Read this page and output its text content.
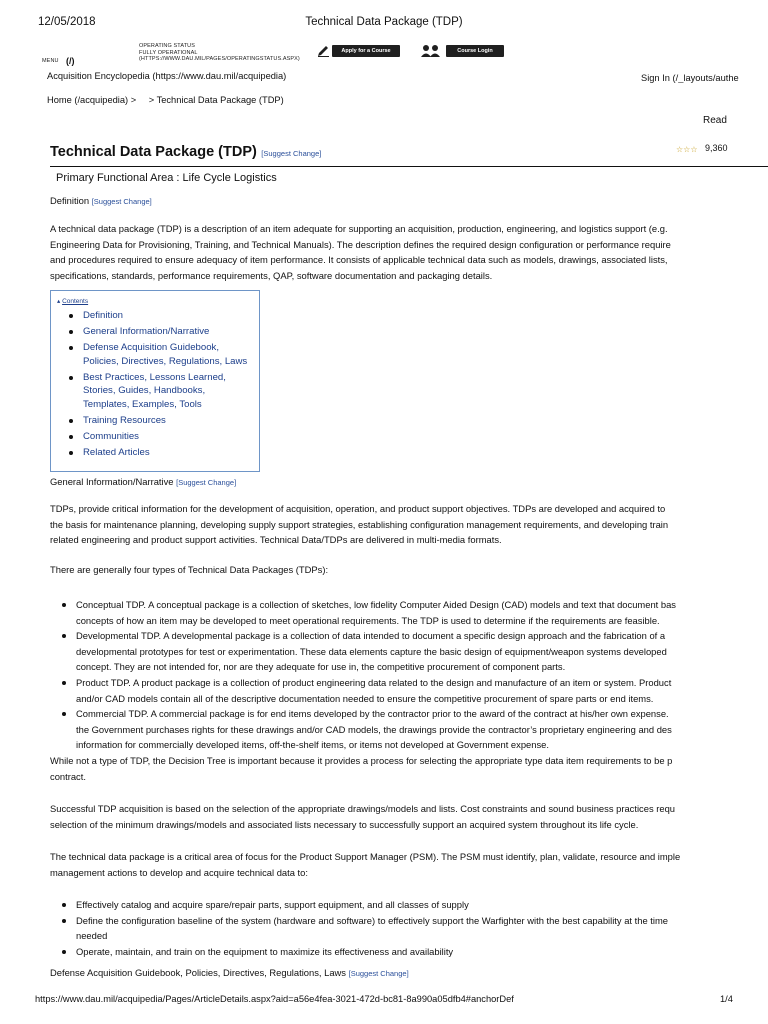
12/05/2018	Technical Data Package (TDP)
MENU (/)
OPERATING STATUS
FULLY OPERATIONAL
(HTTPS://WWW.DAU.MIL/PAGES/OPERATINGSTATUS.ASPX)
Apply for a Course	Course Login
Acquisition Encyclopedia (https://www.dau.mil/acquipedia)	Sign In (/_layouts/authe
Home (/acquipedia) > > Technical Data Package (TDP)
Read
Technical Data Package (TDP) [Suggest Change]	☆☆☆ 9,360
Primary Functional Area : Life Cycle Logistics
Definition [Suggest Change]
A technical data package (TDP) is a description of an item adequate for supporting an acquisition, production, engineering, and logistics support (e.g.
Engineering Data for Provisioning, Training, and Technical Manuals). The description defines the required design configuration or performance require
and procedures required to ensure adequacy of item performance. It consists of applicable technical data such as models, drawings, associated lists,
specifications, standards, performance requirements, QAP, software documentation and packaging details.
▴ Contents
Definition
General Information/Narrative
Defense Acquisition Guidebook,
Policies, Directives, Regulations, Laws
Best Practices, Lessons Learned,
Stories, Guides, Handbooks,
Templates, Examples, Tools
Training Resources
Communities
Related Articles
General Information/Narrative [Suggest Change]
TDPs, provide critical information for the development of acquisition, operation, and product support objectives. TDPs are developed and acquired to
the basis for maintenance planning, developing supply support strategies, establishing configuration management requirements, and developing train
related engineering and product support activities. Technical Data/TDPs are delivered in multi-media formats.
There are generally four types of Technical Data Packages (TDPs):
Conceptual TDP. A conceptual package is a collection of sketches, low fidelity Computer Aided Design (CAD) models and text that document bas
concepts of how an item may be developed to meet operational requirements. The TDP is used to determine if the requirements are feasible.
Developmental TDP. A developmental package is a collection of data intended to document a specific design approach and the fabrication of a
developmental prototypes for test or experimentation. These data elements capture the basic design of equipment/weapon systems developed
concept. They are not intended for, nor are they adequate for use in, the competitive procurement of component parts.
Product TDP. A product package is a collection of product engineering data related to the design and manufacture of an item or system. Product
and/or CAD models contain all of the descriptive documentation needed to ensure the competitive procurement of spare parts or end items.
Commercial TDP. A commercial package is for end items developed by the contractor prior to the award of the contract at his/her own expense.
the Government purchases rights for these drawings and/or CAD models, the drawings provide the contractor’s proprietary engineering and des
information for commercially developed items, off-the-shelf items, or items not developed at Government expense.
While not a type of TDP, the Decision Tree is important because it provides a process for selecting the appropriate type data item requirements to be p
contract.
Successful TDP acquisition is based on the selection of the appropriate drawings/models and lists. Cost constraints and sound business practices requ
selection of the minimum drawings/models and associated lists necessary to successfully support an acquired system throughout its life cycle.
The technical data package is a critical area of focus for the Product Support Manager (PSM). The PSM must identify, plan, validate, resource and imple
management actions to develop and acquire technical data to:
Effectively catalog and acquire spare/repair parts, support equipment, and all classes of supply
Define the configuration baseline of the system (hardware and software) to effectively support the Warfighter with the best capability at the time
needed
Operate, maintain, and train on the equipment to maximize its effectiveness and availability
Defense Acquisition Guidebook, Policies, Directives, Regulations, Laws [Suggest Change]
https://www.dau.mil/acquipedia/Pages/ArticleDetails.aspx?aid=a56e4fea-3021-472d-bc81-8a990a05dfb4#anchorDef	1/4
